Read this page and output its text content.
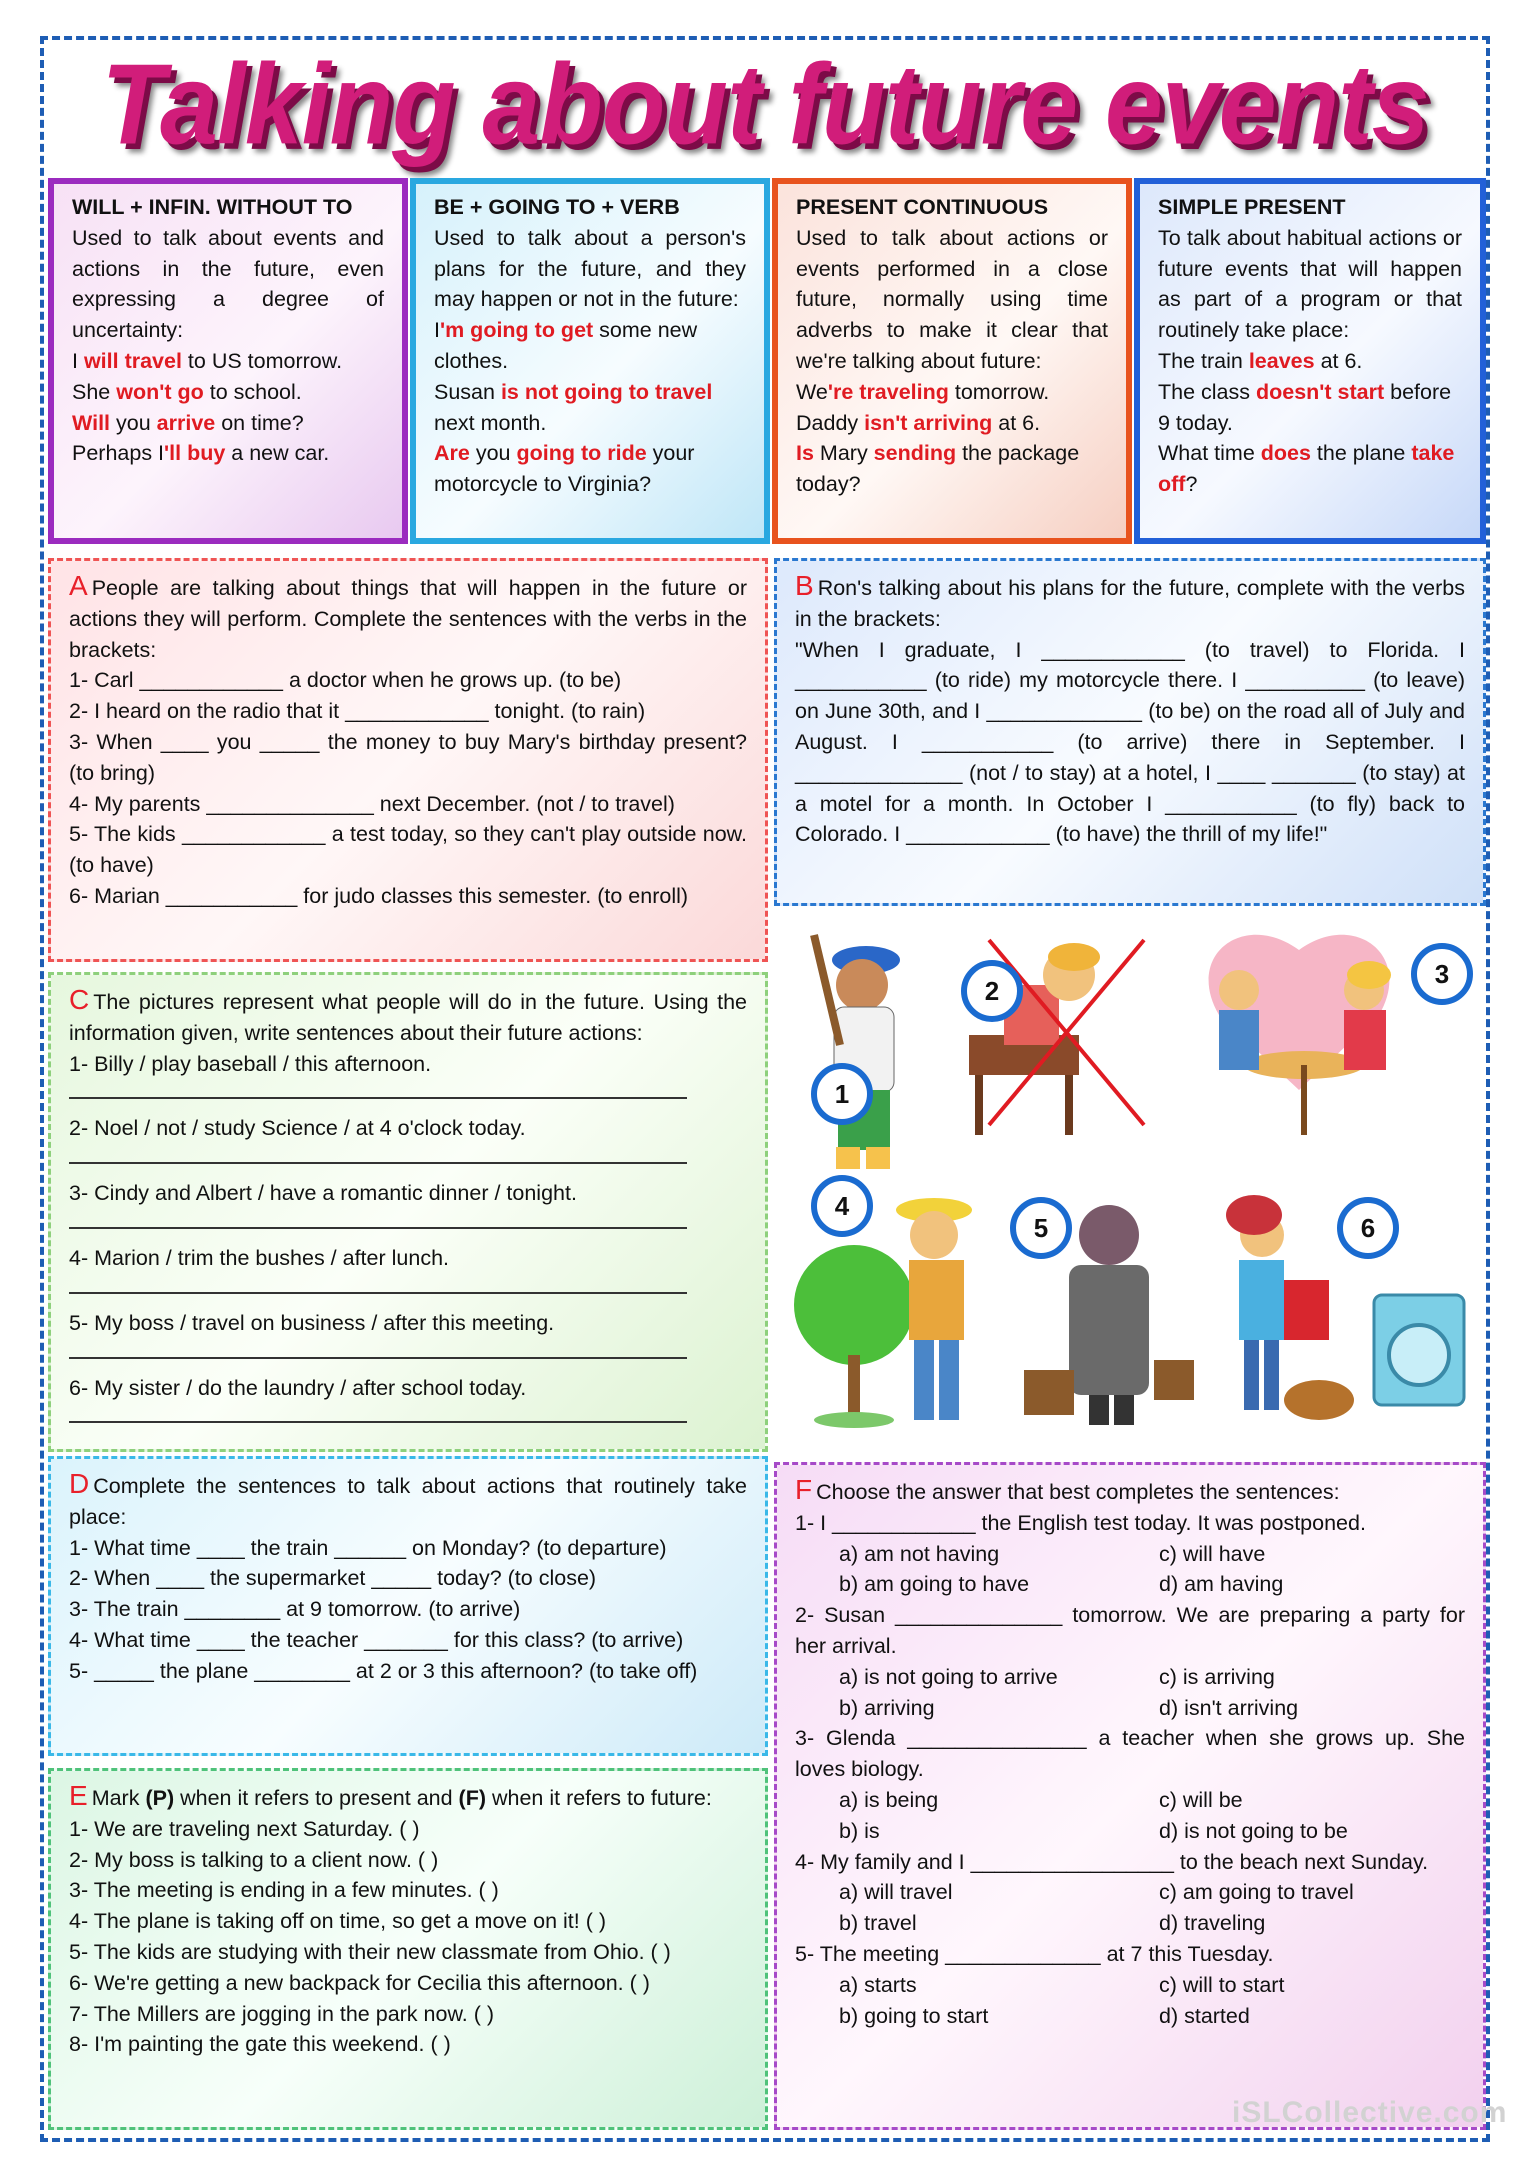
Talking about future events

WILL + INFIN. WITHOUT TO

Used to talk about events and actions in the future, even expressing a degree of uncertainty:

I will travel to US tomorrow.

She won't go to school.

Will you arrive on time?

Perhaps I'll buy a new car.

BE + GOING TO + VERB

Used to talk about a person's plans for the future, and they may happen or not in the future:

I'm going to get some new clothes.

Susan is not going to travel next month.

Are you going to ride your motorcycle to Virginia?

PRESENT CONTINUOUS

Used to talk about actions or events performed in a close future, normally using time adverbs to make it clear that we're talking about future:

We're traveling tomorrow.

Daddy isn't arriving at 6.

Is Mary sending the package today?

SIMPLE PRESENT

To talk about habitual actions or future events that will happen as part of a program or that routinely take place:

The train leaves at 6.

The class doesn't start before 9 today.

What time does the plane take off?

A People are talking about things that will happen in the future or actions they will perform. Complete the sentences with the verbs in the brackets:

1- Carl ____________ a doctor when he grows up. (to be)

2- I heard on the radio that it ____________ tonight. (to rain)

3- When ____ you _____ the money to buy Mary's birthday present? (to bring)

4- My parents ______________ next December. (not / to travel)

5- The kids ____________ a test today, so they can't play outside now. (to have)

6- Marian ___________ for judo classes this semester. (to enroll)

B Ron's talking about his plans for the future, complete with the verbs in the brackets:

"When I graduate, I ____________ (to travel) to Florida. I ___________ (to ride) my motorcycle there. I __________ (to leave) on June 30th, and I _____________ (to be) on the road all of July and August. I ___________ (to arrive) there in September. I ______________ (not / to stay) at a hotel, I ____ _______ (to stay) at a motel for a month. In October I ___________ (to fly) back to Colorado. I ____________ (to have) the thrill of my life!"

C The pictures represent what people will do in the future. Using the information given, write sentences about their future actions:

1- Billy / play baseball / this afternoon.

2- Noel / not / study Science / at 4 o'clock today.

3- Cindy and Albert / have a romantic dinner / tonight.

4- Marion / trim the bushes / after lunch.

5- My boss / travel on business / after this meeting.

6- My sister / do the laundry / after school today.

1
2
3
4
5	6

D Complete the sentences to talk about actions that routinely take place:

1- What time ____ the train ______ on Monday? (to departure)

2- When ____ the supermarket _____ today? (to close)

3- The train ________ at 9 tomorrow. (to arrive)

4- What time ____ the teacher _______ for this class? (to arrive)

5- _____ the plane ________ at 2 or 3 this afternoon? (to take off)

E Mark (P) when it refers to present and (F) when it refers to future:

1- We are traveling next Saturday. ( )

2- My boss is talking to a client now. ( )

3- The meeting is ending in a few minutes. ( )

4- The plane is taking off on time, so get a move on it! ( )

5- The kids are studying with their new classmate from Ohio. ( )

6- We're getting a new backpack for Cecilia this afternoon. ( )

7- The Millers are jogging in the park now. ( )

8- I'm painting the gate this weekend. ( )

F Choose the answer that best completes the sentences:

1- I ____________ the English test today. It was postponed.

a) am not having	c) will have
b) am going to have	d) am having

2- Susan ______________ tomorrow. We are preparing a party for her arrival.

a) is not going to arrive	c) is arriving
b) arriving	d) isn't arriving

3- Glenda _______________ a teacher when she grows up. She loves biology.

a) is being	c) will be
b) is	d) is not going to be

4- My family and I _________________ to the beach next Sunday.

a) will travel	c) am going to travel
b) travel	d) traveling

5- The meeting _____________ at 7 this Tuesday.

a) starts	c) will to start
b) going to start	d) started
iSLCollective.com
